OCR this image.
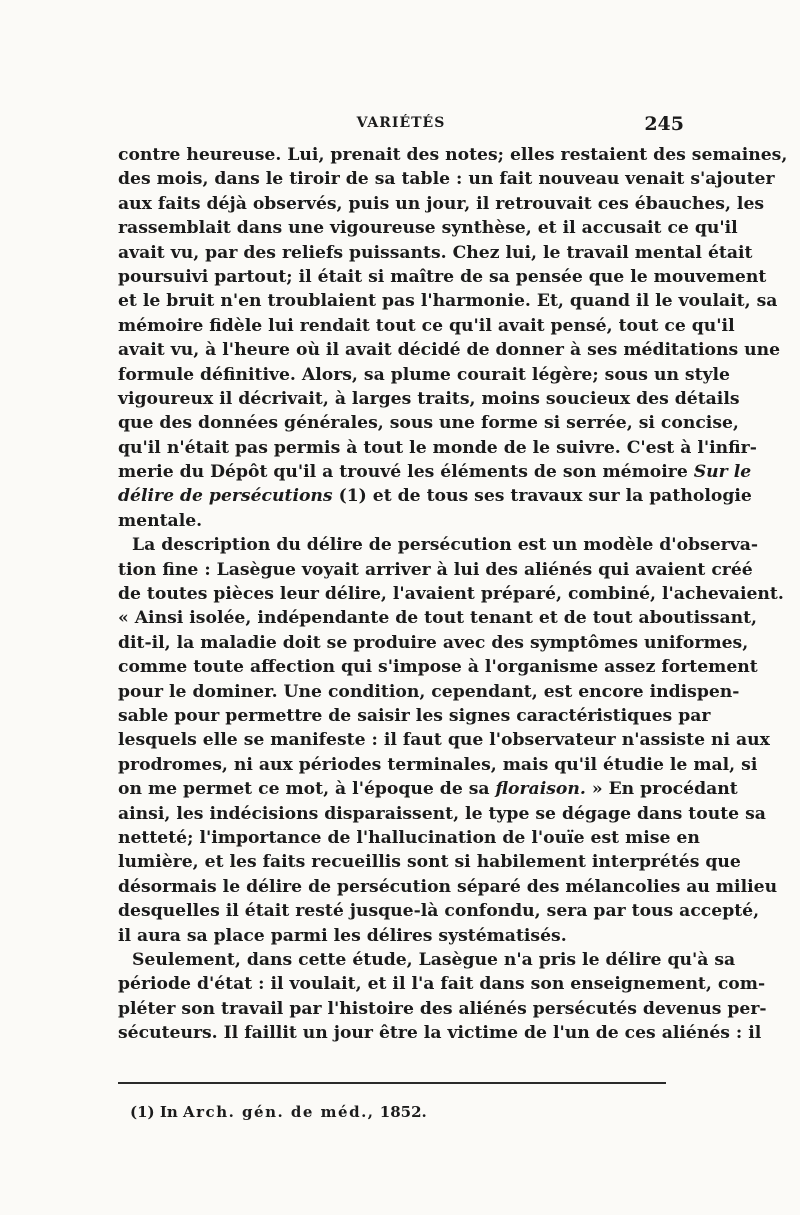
VARIÉTÉS	245
contre heureuse. Lui, prenait des notes; elles restaient des semaines,
des mois, dans le tiroir de sa table : un fait nouveau venait s'ajouter
aux faits déjà observés, puis un jour, il retrouvait ces ébauches, les
rassemblait dans une vigoureuse synthèse, et il accusait ce qu'il
avait vu, par des reliefs puissants. Chez lui, le travail mental était
poursuivi partout; il était si maître de sa pensée que le mouvement
et le bruit n'en troublaient pas l'harmonie. Et, quand il le voulait, sa
mémoire fidèle lui rendait tout ce qu'il avait pensé, tout ce qu'il
avait vu, à l'heure où il avait décidé de donner à ses méditations une
formule définitive. Alors, sa plume courait légère; sous un style
vigoureux il décrivait, à larges traits, moins soucieux des détails
que des données générales, sous une forme si serrée, si concise,
qu'il n'était pas permis à tout le monde de le suivre. C'est à l'infir-
merie du Dépôt qu'il a trouvé les éléments de son mémoire Sur le
délire de persécutions (1) et de tous ses travaux sur la pathologie
mentale.
La description du délire de persécution est un modèle d'observa-
tion fine : Lasègue voyait arriver à lui des aliénés qui avaient créé
de toutes pièces leur délire, l'avaient préparé, combiné, l'achevaient.
« Ainsi isolée, indépendante de tout tenant et de tout aboutissant,
dit-il, la maladie doit se produire avec des symptômes uniformes,
comme toute affection qui s'impose à l'organisme assez fortement
pour le dominer. Une condition, cependant, est encore indispen-
sable pour permettre de saisir les signes caractéristiques par
lesquels elle se manifeste : il faut que l'observateur n'assiste ni aux
prodromes, ni aux périodes terminales, mais qu'il étudie le mal, si
on me permet ce mot, à l'époque de sa floraison. » En procédant
ainsi, les indécisions disparaissent, le type se dégage dans toute sa
netteté; l'importance de l'hallucination de l'ouïe est mise en
lumière, et les faits recueillis sont si habilement interprétés que
désormais le délire de persécution séparé des mélancolies au milieu
desquelles il était resté jusque-là confondu, sera par tous accepté,
il aura sa place parmi les délires systématisés.
Seulement, dans cette étude, Lasègue n'a pris le délire qu'à sa
période d'état : il voulait, et il l'a fait dans son enseignement, com-
pléter son travail par l'histoire des aliénés persécutés devenus per-
sécuteurs. Il faillit un jour être la victime de l'un de ces aliénés : il
(1) In Arch. gén. de méd., 1852.
